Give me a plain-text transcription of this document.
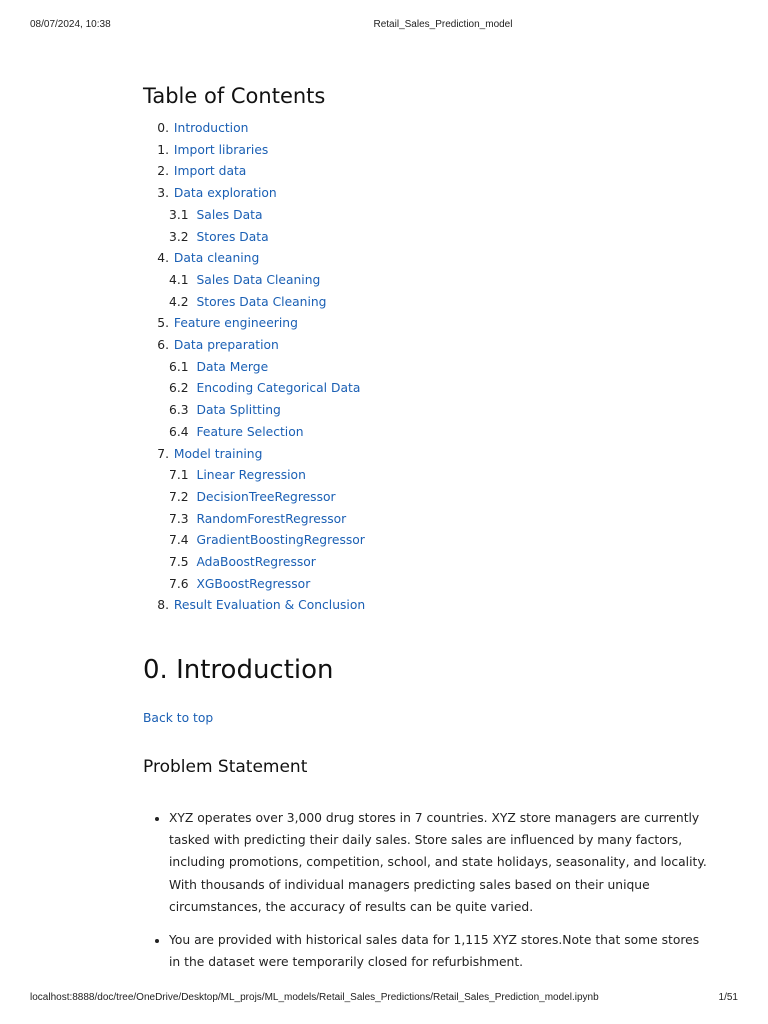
08/07/2024, 10:38	Retail_Sales_Prediction_model
Table of Contents
0. Introduction
1. Import libraries
2. Import data
3. Data exploration
3.1 Sales Data
3.2 Stores Data
4. Data cleaning
4.1 Sales Data Cleaning
4.2 Stores Data Cleaning
5. Feature engineering
6. Data preparation
6.1 Data Merge
6.2 Encoding Categorical Data
6.3 Data Splitting
6.4 Feature Selection
7. Model training
7.1 Linear Regression
7.2 DecisionTreeRegressor
7.3 RandomForestRegressor
7.4 GradientBoostingRegressor
7.5 AdaBoostRegressor
7.6 XGBoostRegressor
8. Result Evaluation & Conclusion
0. Introduction
Back to top
Problem Statement
• XYZ operates over 3,000 drug stores in 7 countries. XYZ store managers are currently tasked with predicting their daily sales. Store sales are influenced by many factors, including promotions, competition, school, and state holidays, seasonality, and locality. With thousands of individual managers predicting sales based on their unique circumstances, the accuracy of results can be quite varied.
• You are provided with historical sales data for 1,115 XYZ stores.Note that some stores in the dataset were temporarily closed for refurbishment.
localhost:8888/doc/tree/OneDrive/Desktop/ML_projs/ML_models/Retail_Sales_Predictions/Retail_Sales_Prediction_model.ipynb	1/51
